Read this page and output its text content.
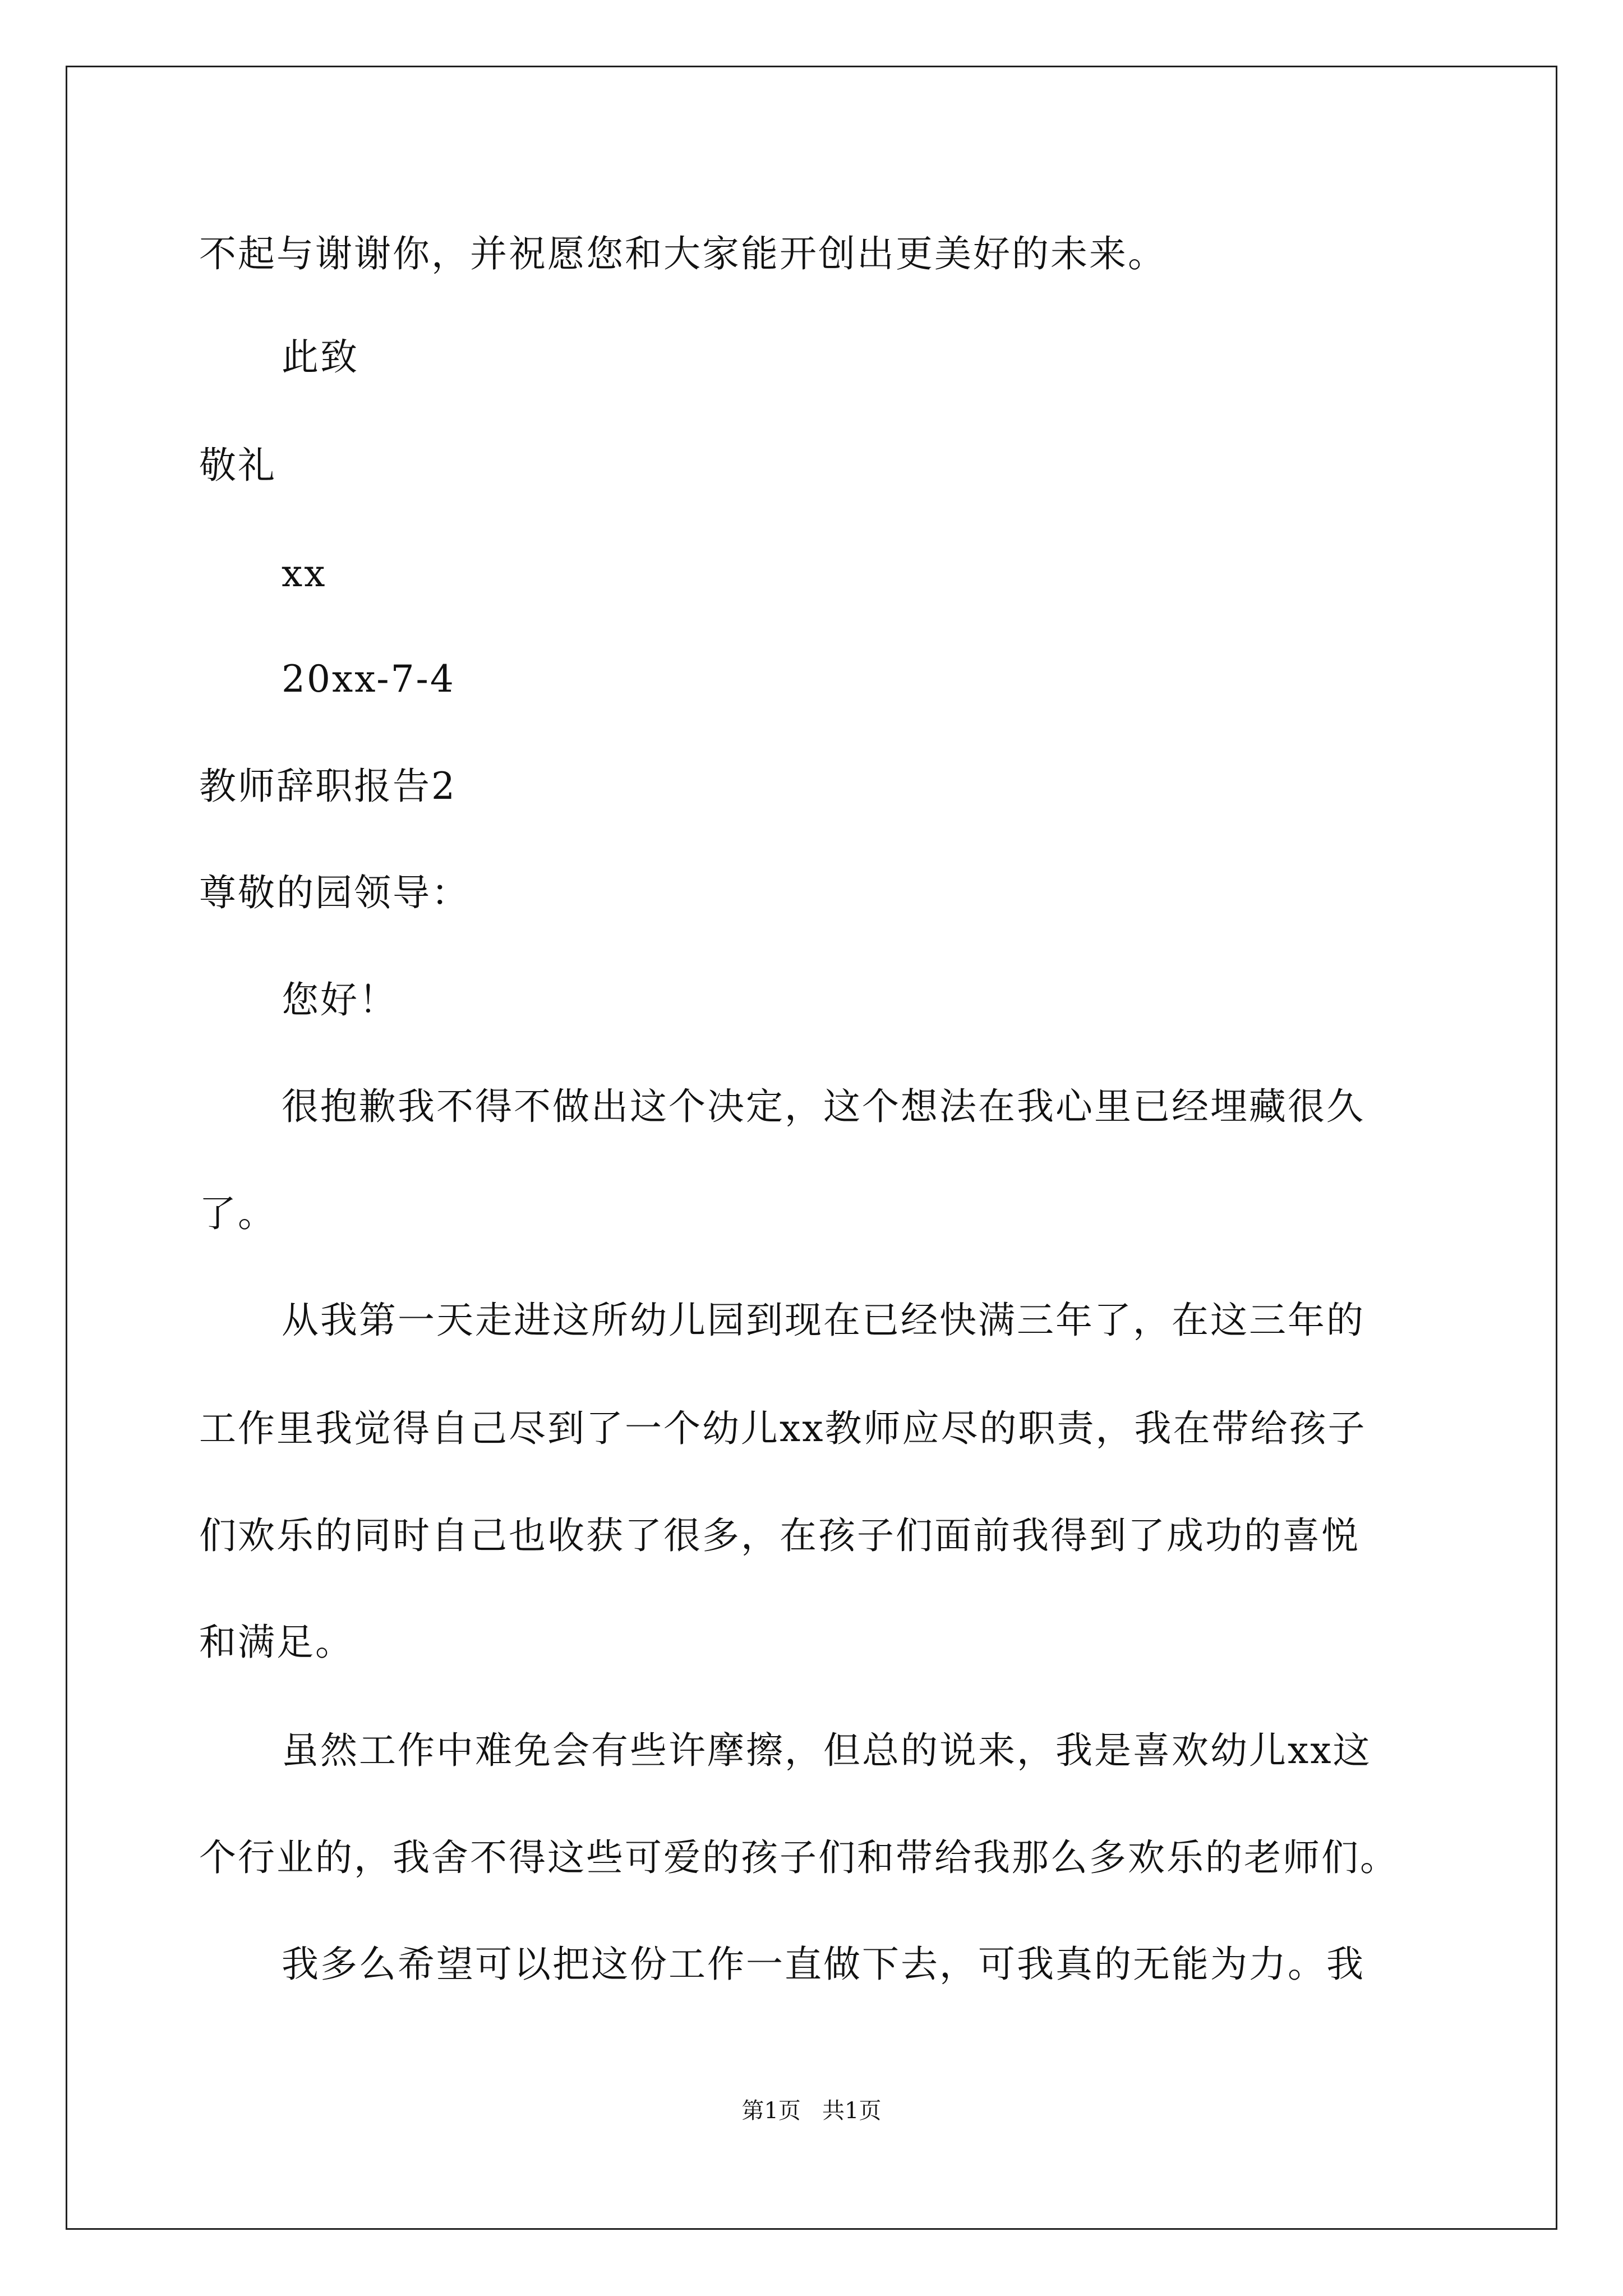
不起与谢谢你，并祝愿您和大家能开创出更美好的未来。
此致
敬礼
xx
20xx-7-4
教师辞职报告2
尊敬的园领导：
您好！
很抱歉我不得不做出这个决定，这个想法在我心里已经埋藏很久
了。
从我第一天走进这所幼儿园到现在已经快满三年了，在这三年的
工作里我觉得自己尽到了一个幼儿xx教师应尽的职责，我在带给孩子
们欢乐的同时自己也收获了很多，在孩子们面前我得到了成功的喜悦
和满足。
虽然工作中难免会有些许摩擦，但总的说来，我是喜欢幼儿xx这
个行业的，我舍不得这些可爱的孩子们和带给我那么多欢乐的老师们。
我多么希望可以把这份工作一直做下去，可我真的无能为力。我
第1页   共1页
